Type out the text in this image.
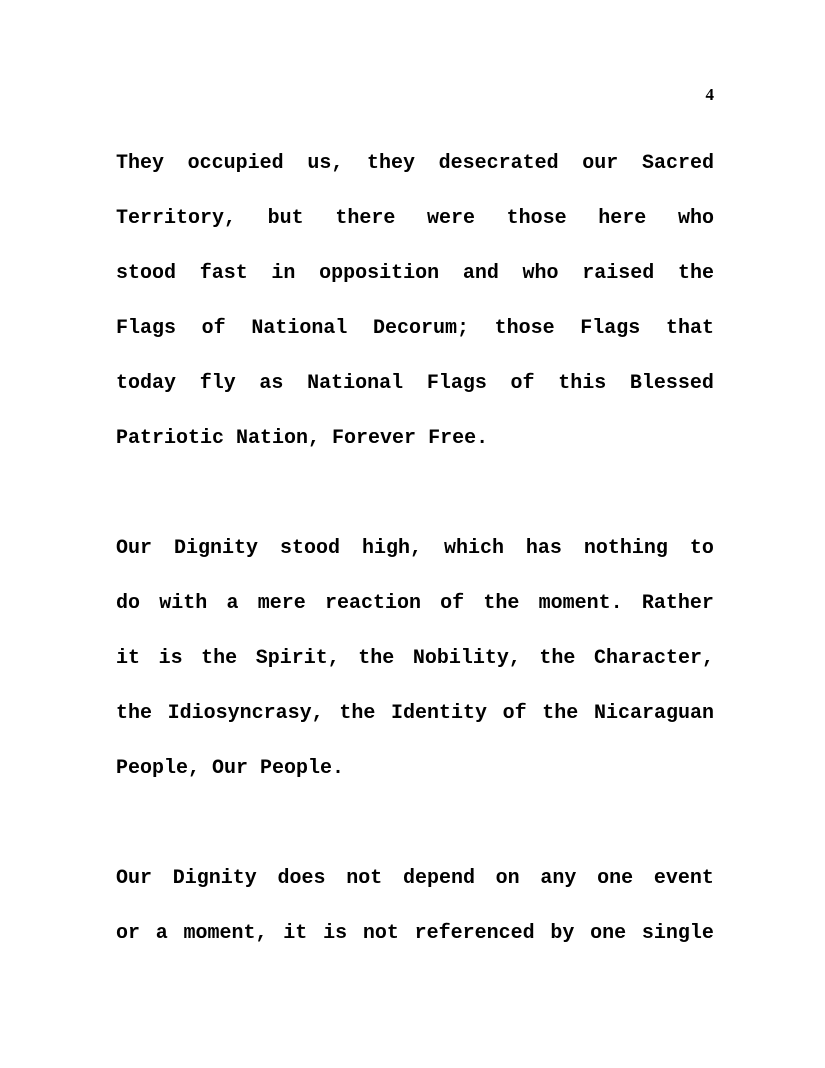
4
They occupied us, they desecrated our Sacred
Territory, but there were those here who
stood fast in opposition and who raised the
Flags of National Decorum; those Flags that
today fly as National Flags of this Blessed
Patriotic Nation, Forever Free.
Our Dignity stood high, which has nothing to
do with a mere reaction of the moment. Rather
it is the Spirit, the Nobility, the Character,
the Idiosyncrasy, the Identity of the Nicaraguan
People, Our People.
Our Dignity does not depend on any one event
or a moment, it is not referenced by one single
